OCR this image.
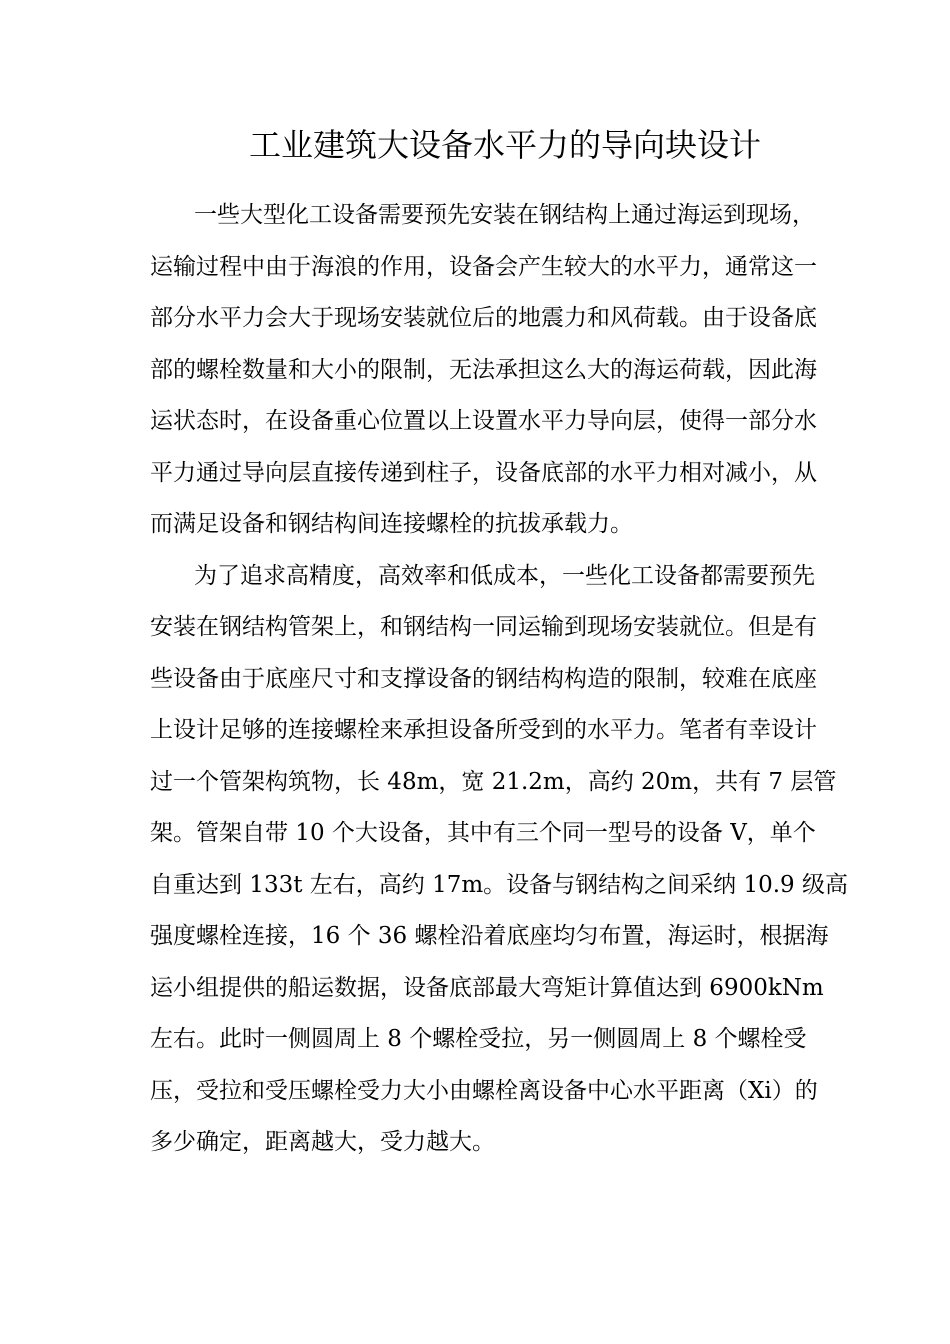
工业建筑大设备水平力的导向块设计
一些大型化工设备需要预先安装在钢结构上通过海运到现场，
运输过程中由于海浪的作用，设备会产生较大的水平力，通常这一
部分水平力会大于现场安装就位后的地震力和风荷载。由于设备底
部的螺栓数量和大小的限制，无法承担这么大的海运荷载，因此海
运状态时，在设备重心位置以上设置水平力导向层，使得一部分水
平力通过导向层直接传递到柱子，设备底部的水平力相对减小，从
而满足设备和钢结构间连接螺栓的抗拔承载力。
为了追求高精度，高效率和低成本，一些化工设备都需要预先
安装在钢结构管架上，和钢结构一同运输到现场安装就位。但是有
些设备由于底座尺寸和支撑设备的钢结构构造的限制，较难在底座
上设计足够的连接螺栓来承担设备所受到的水平力。笔者有幸设计
过一个管架构筑物，长 48m，宽 21.2m，高约 20m，共有 7 层管
架。管架自带 10 个大设备，其中有三个同一型号的设备 V，单个
自重达到 133t 左右，高约 17m。设备与钢结构之间采纳 10.9 级高
强度螺栓连接，16 个 36 螺栓沿着底座均匀布置，海运时，根据海
运小组提供的船运数据，设备底部最大弯矩计算值达到 6900kNm
左右。此时一侧圆周上 8 个螺栓受拉，另一侧圆周上 8 个螺栓受
压，受拉和受压螺栓受力大小由螺栓离设备中心水平距离（Xi）的
多少确定，距离越大，受力越大。
